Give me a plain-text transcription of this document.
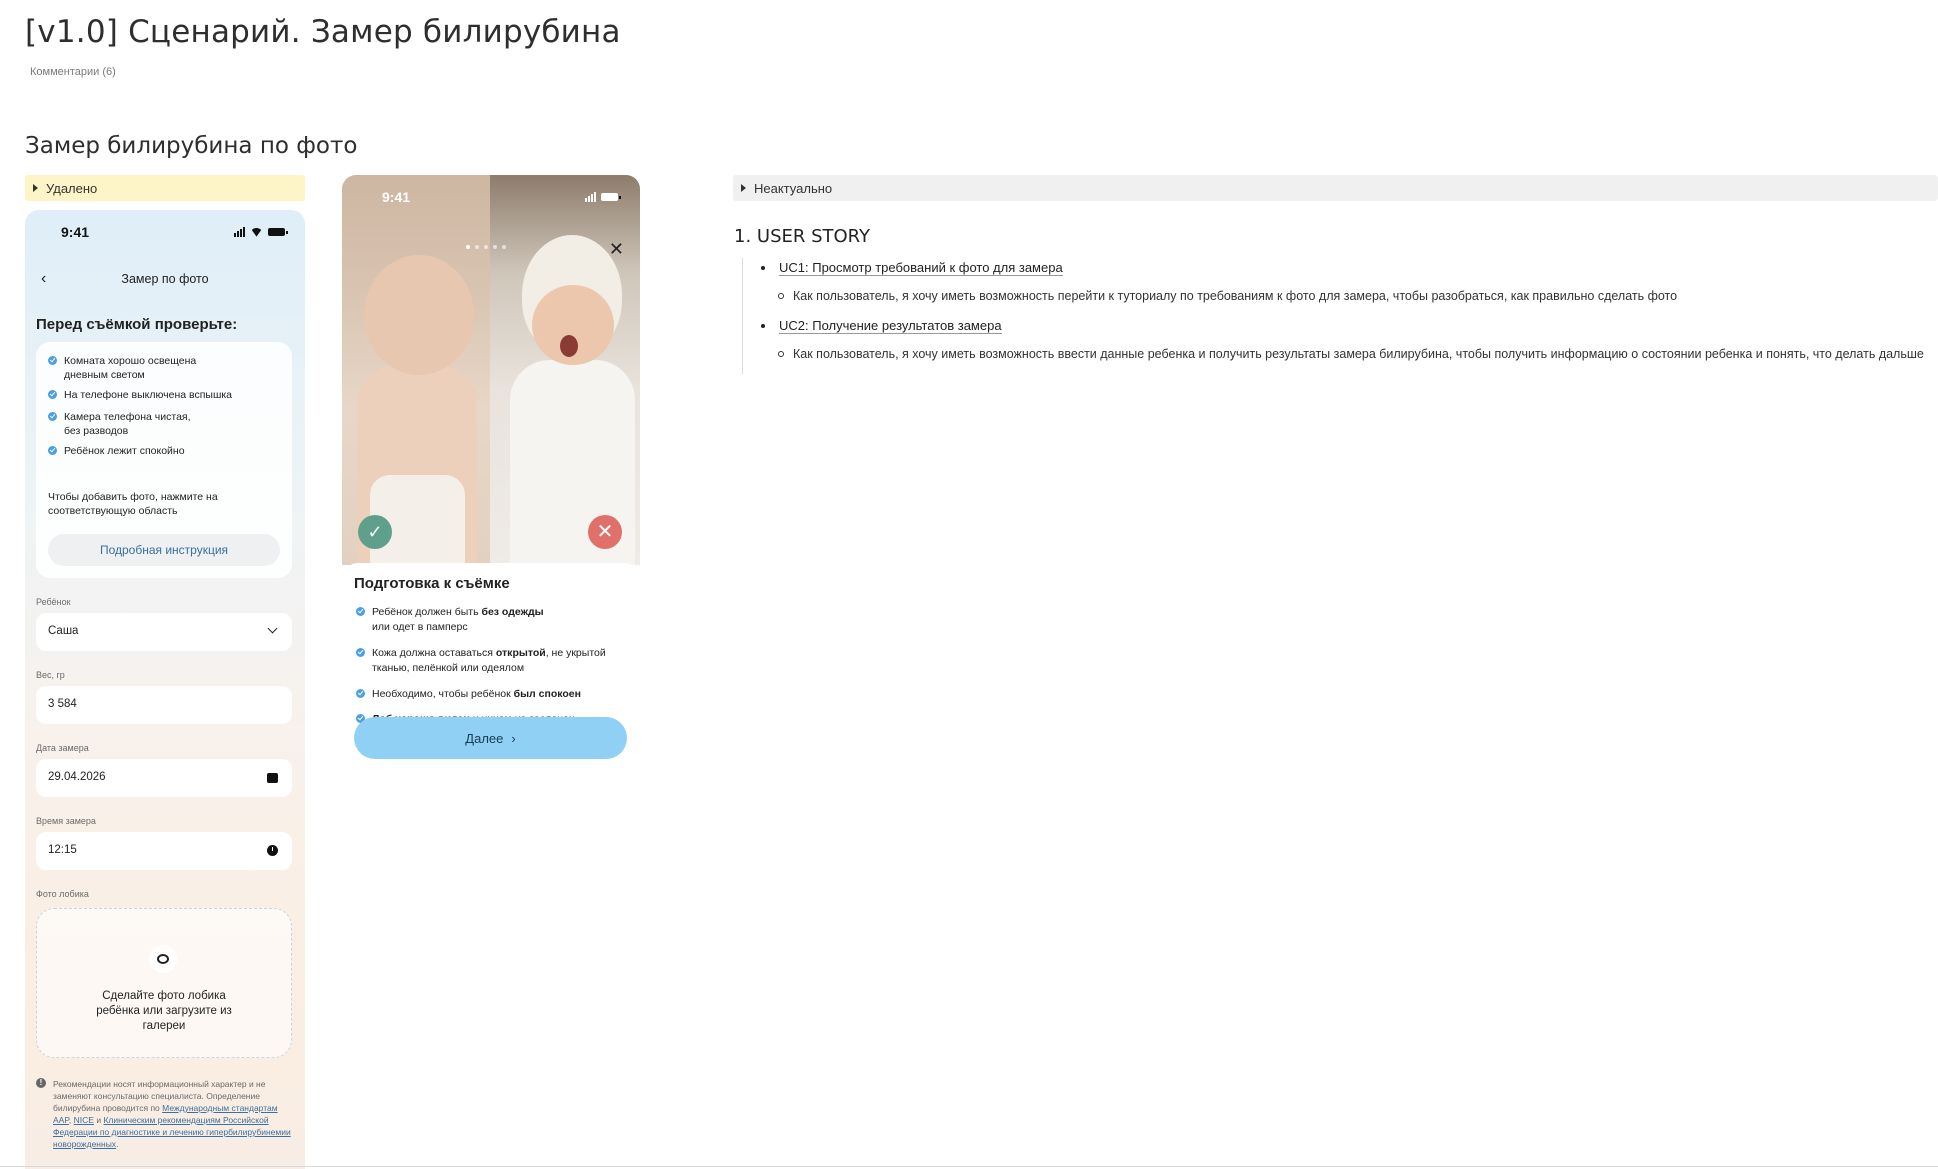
[v1.0] Сценарий. Замер билирубина
Комментарии (6)
Замер билирубина по фото
Удалено	Неактуально
9:41
‹	Замер по фото
Перед съёмкой проверьте:
Комната хорошо освещена дневным светом
На телефоне выключена вспышка
Камера телефона чистая, без разводов
Ребёнок лежит спокойно
Чтобы добавить фото, нажмите на соответствующую область
Подробная инструкция
Ребёнок
Саша
Вес, гр
3 584
Дата замера
29.04.2026
Время замера
12:15
Фото лобика
Сделайте фото лобика ребёнка или загрузите из галереи
!	Рекомендации носят информационный характер и не заменяют консультацию специалиста. Определение билирубина проводится по Международным стандартам AAP, NICE и Клиническим рекомендациям Российской Федерации по диагностике и лечению гипербилирубинемии новорожденных.
9:41
✕
✓	✕
Подготовка к съёмке
Ребёнок должен быть без одежды или одет в памперс
Кожа должна оставаться открытой, не укрытой тканью, пелёнкой или одеялом
Необходимо, чтобы ребёнок был спокоен
Далее ›
1. USER STORY
UC1: Просмотр требований к фото для замера
Как пользователь, я хочу иметь возможность перейти к туториалу по требованиям к фото для замера, чтобы разобраться, как правильно сделать фото
UC2: Получение результатов замера
Как пользователь, я хочу иметь возможность ввести данные ребенка и получить результаты замера билирубина, чтобы получить информацию о состоянии ребенка и понять, что делать дальше
